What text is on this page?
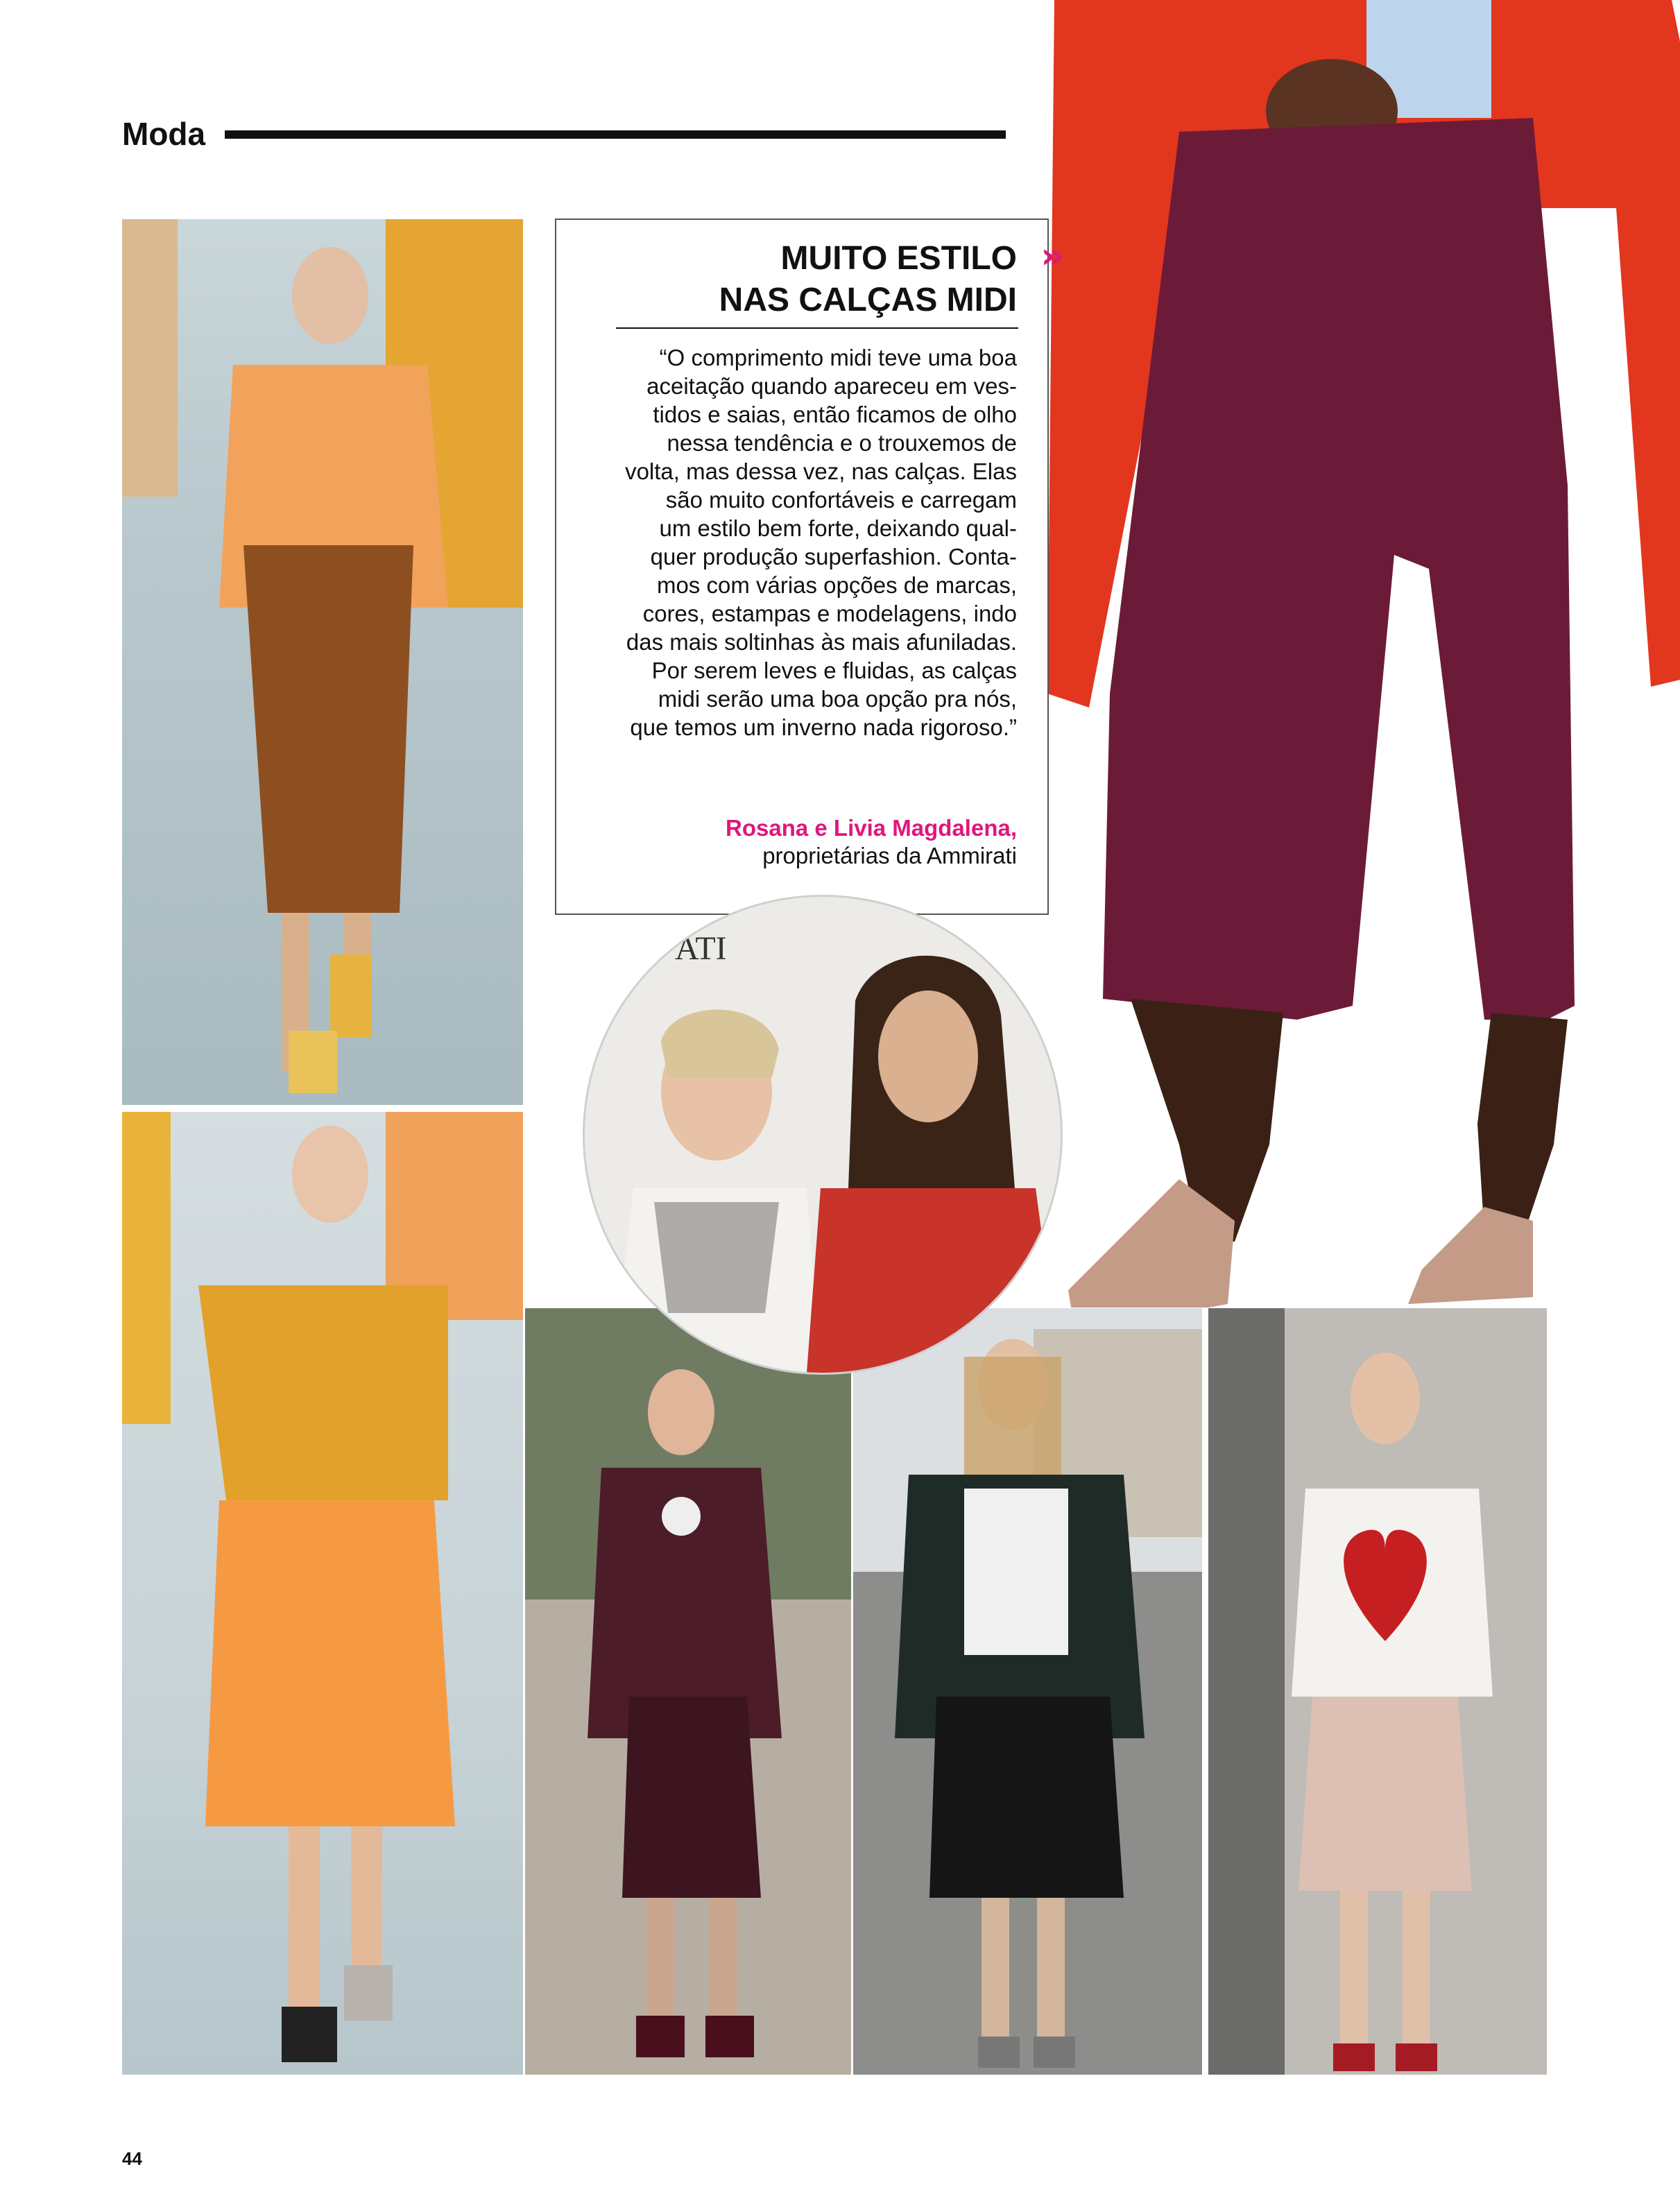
Moda
MUITO ESTILO
NAS CALÇAS MIDI
»
“O comprimento midi teve uma boa
aceitação quando apareceu em ves-
tidos e saias, então ficamos de olho
nessa tendência e o trouxemos de
volta, mas dessa vez, nas calças. Elas
são muito confortáveis e carregam
um estilo bem forte, deixando qual-
quer produção superfashion. Conta-
mos com várias opções de marcas,
cores, estampas e modelagens, indo
das mais soltinhas às mais afuniladas.
Por serem leves e fluidas, as calças
midi serão uma boa opção pra nós,
que temos um inverno nada rigoroso.”
Rosana e Livia Magdalena,
proprietárias da Ammirati
ATI
44
